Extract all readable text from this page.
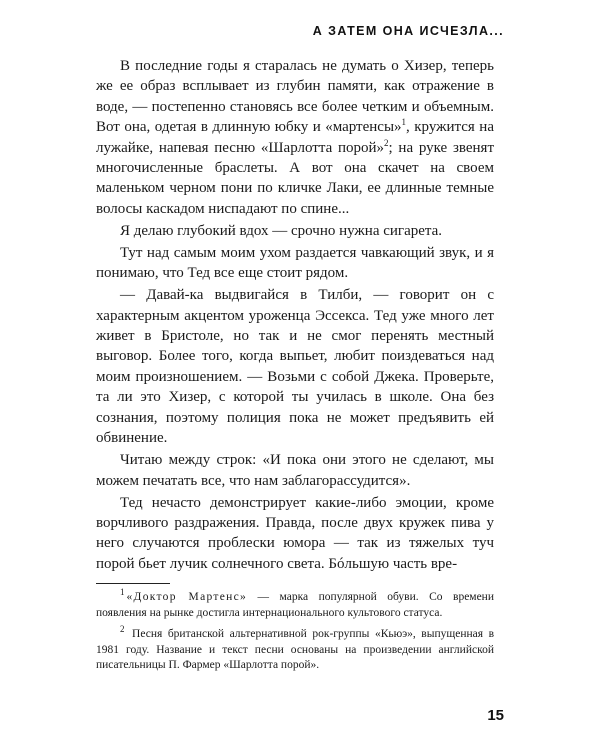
А ЗАТЕМ ОНА ИСЧЕЗЛА...

В последние годы я старалась не думать о Хизер, теперь же ее образ всплывает из глубин памяти, как отражение в воде, — постепенно становясь все более четким и объемным. Вот она, одетая в длинную юбку и «мартенсы»$^1$, кружится на лужайке, напевая песню «Шарлотта порой»$^2$; на руке звенят многочисленные браслеты. А вот она скачет на своем маленьком черном пони по кличке Лаки, ее длинные темные волосы каскадом ниспадают по спине...

Я делаю глубокий вдох — срочно нужна сигарета.

Тут над самым моим ухом раздается чавкающий звук, и я понимаю, что Тед все еще стоит рядом.

— Давай-ка выдвигайся в Тилби, — говорит он с характерным акцентом уроженца Эссекса. Тед уже много лет живет в Бристоле, но так и не смог перенять местный выговор. Более того, когда выпьет, любит поиздеваться над моим произношением. — Возьми с собой Джека. Проверьте, та ли это Хизер, с которой ты училась в школе. Она без сознания, поэтому полиция пока не может предъявить ей обвинение.

Читаю между строк: «И пока они этого не сделают, мы можем печатать все, что нам заблагорассудится».

Тед нечасто демонстрирует какие-либо эмоции, кроме ворчливого раздражения. Правда, после двух кружек пива у него случаются проблески юмора — так из тяжелых туч порой бьет лучик солнечного света. Бóльшую часть вре-

$^1$ «Доктор Мартенс» — марка популярной обуви. Со времени появления на рынке достигла интернационального культового статуса.

$^2$ Песня британской альтернативной рок-группы «Кьюэ», выпущенная в 1981 году. Название и текст песни основаны на произведении английской писательницы П. Фармер «Шарлотта порой».

15
